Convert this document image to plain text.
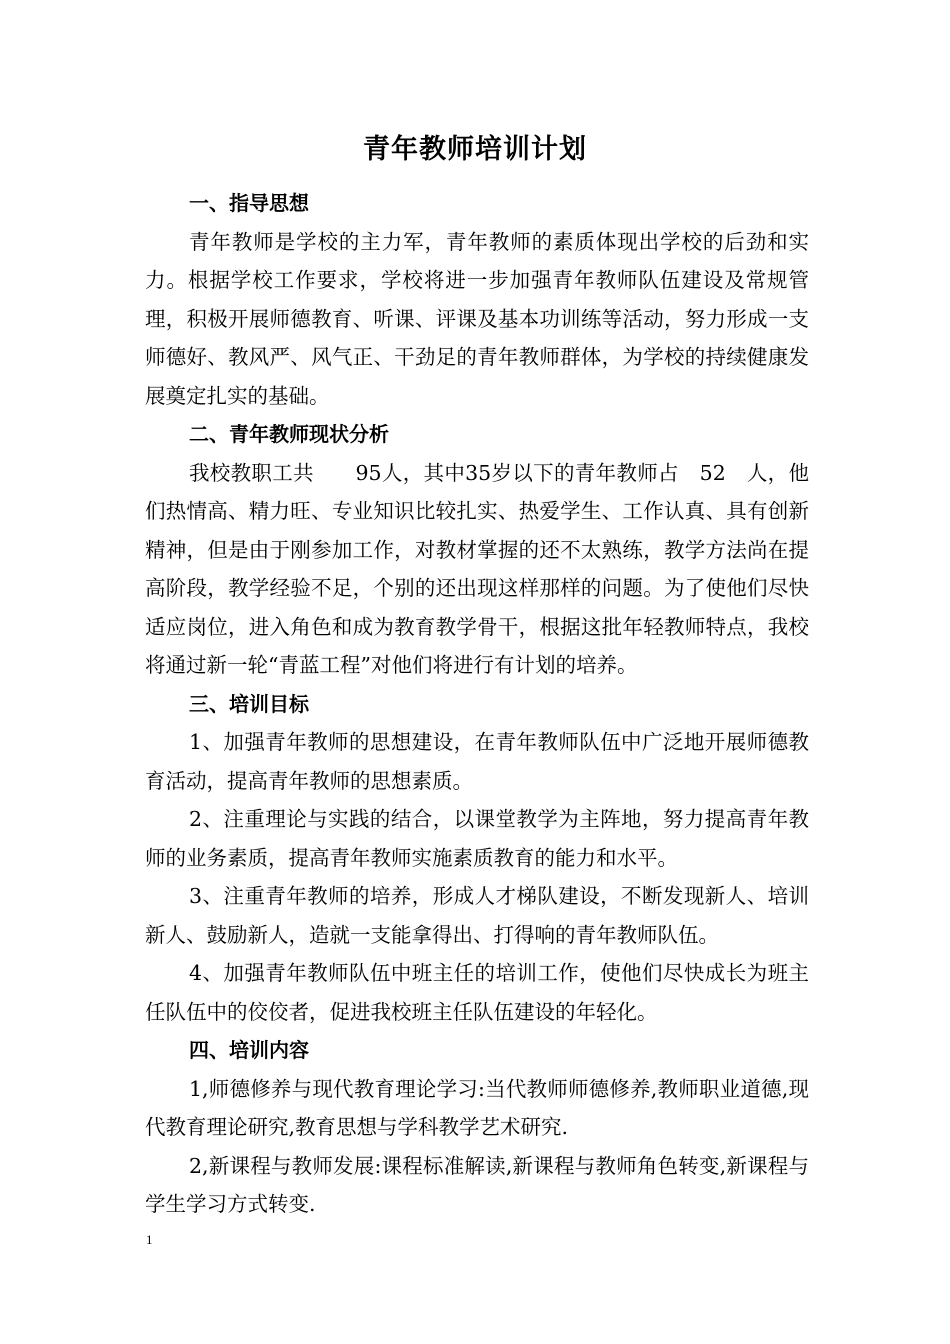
青年教师培训计划

一、指导思想

青年教师是学校的主力军，青年教师的素质体现出学校的后劲和实力。根据学校工作要求，学校将进一步加强青年教师队伍建设及常规管理，积极开展师德教育、听课、评课及基本功训练等活动，努力形成一支师德好、教风严、风气正、干劲足的青年教师群体，为学校的持续健康发展奠定扎实的基础。

二、青年教师现状分析

我校教职工共　　95人，其中35岁以下的青年教师占　52　人，他们热情高、精力旺、专业知识比较扎实、热爱学生、工作认真、具有创新精神，但是由于刚参加工作，对教材掌握的还不太熟练，教学方法尚在提高阶段，教学经验不足，个别的还出现这样那样的问题。为了使他们尽快适应岗位，进入角色和成为教育教学骨干，根据这批年轻教师特点，我校将通过新一轮“青蓝工程”对他们将进行有计划的培养。

三、培训目标

1、加强青年教师的思想建设，在青年教师队伍中广泛地开展师德教育活动，提高青年教师的思想素质。

2、注重理论与实践的结合，以课堂教学为主阵地，努力提高青年教师的业务素质，提高青年教师实施素质教育的能力和水平。

3、注重青年教师的培养，形成人才梯队建设，不断发现新人、培训新人、鼓励新人，造就一支能拿得出、打得响的青年教师队伍。

4、加强青年教师队伍中班主任的培训工作，使他们尽快成长为班主任队伍中的佼佼者，促进我校班主任队伍建设的年轻化。

四、培训内容

1,师德修养与现代教育理论学习:当代教师师德修养,教师职业道德,现代教育理论研究,教育思想与学科教学艺术研究.

2,新课程与教师发展:课程标准解读,新课程与教师角色转变,新课程与学生学习方式转变.

1
